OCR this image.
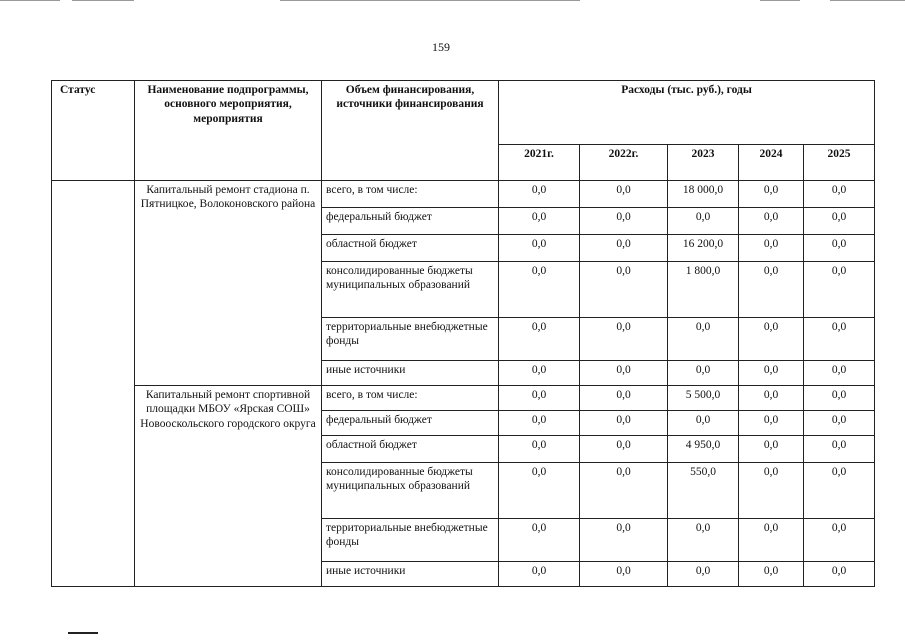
159
Статус	Наименование подпрограммы, основного мероприятия, мероприятия	Объем финансирования, источники финансирования	Расходы (тыс. руб.), годы				
			2021г.	2022г.	2023	2024	2025
	Капитальный ремонт стадиона п. Пятницкое, Волоконовского района	всего, в том числе:	0,0	0,0	18 000,0	0,0	0,0
		федеральный бюджет	0,0	0,0	0,0	0,0	0,0
		областной бюджет	0,0	0,0	16 200,0	0,0	0,0
		консолидированные бюджеты муниципальных образований	0,0	0,0	1 800,0	0,0	0,0
		территориальные внебюджетные фонды	0,0	0,0	0,0	0,0	0,0
		иные источники	0,0	0,0	0,0	0,0	0,0
	Капитальный ремонт спортивной площадки МБОУ «Ярская СОШ» Новооскольского городского округа	всего, в том числе:	0,0	0,0	5 500,0	0,0	0,0
		федеральный бюджет	0,0	0,0	0,0	0,0	0,0
		областной бюджет	0,0	0,0	4 950,0	0,0	0,0
		консолидированные бюджеты муниципальных образований	0,0	0,0	550,0	0,0	0,0
		территориальные внебюджетные фонды	0,0	0,0	0,0	0,0	0,0
		иные источники	0,0	0,0	0,0	0,0	0,0
